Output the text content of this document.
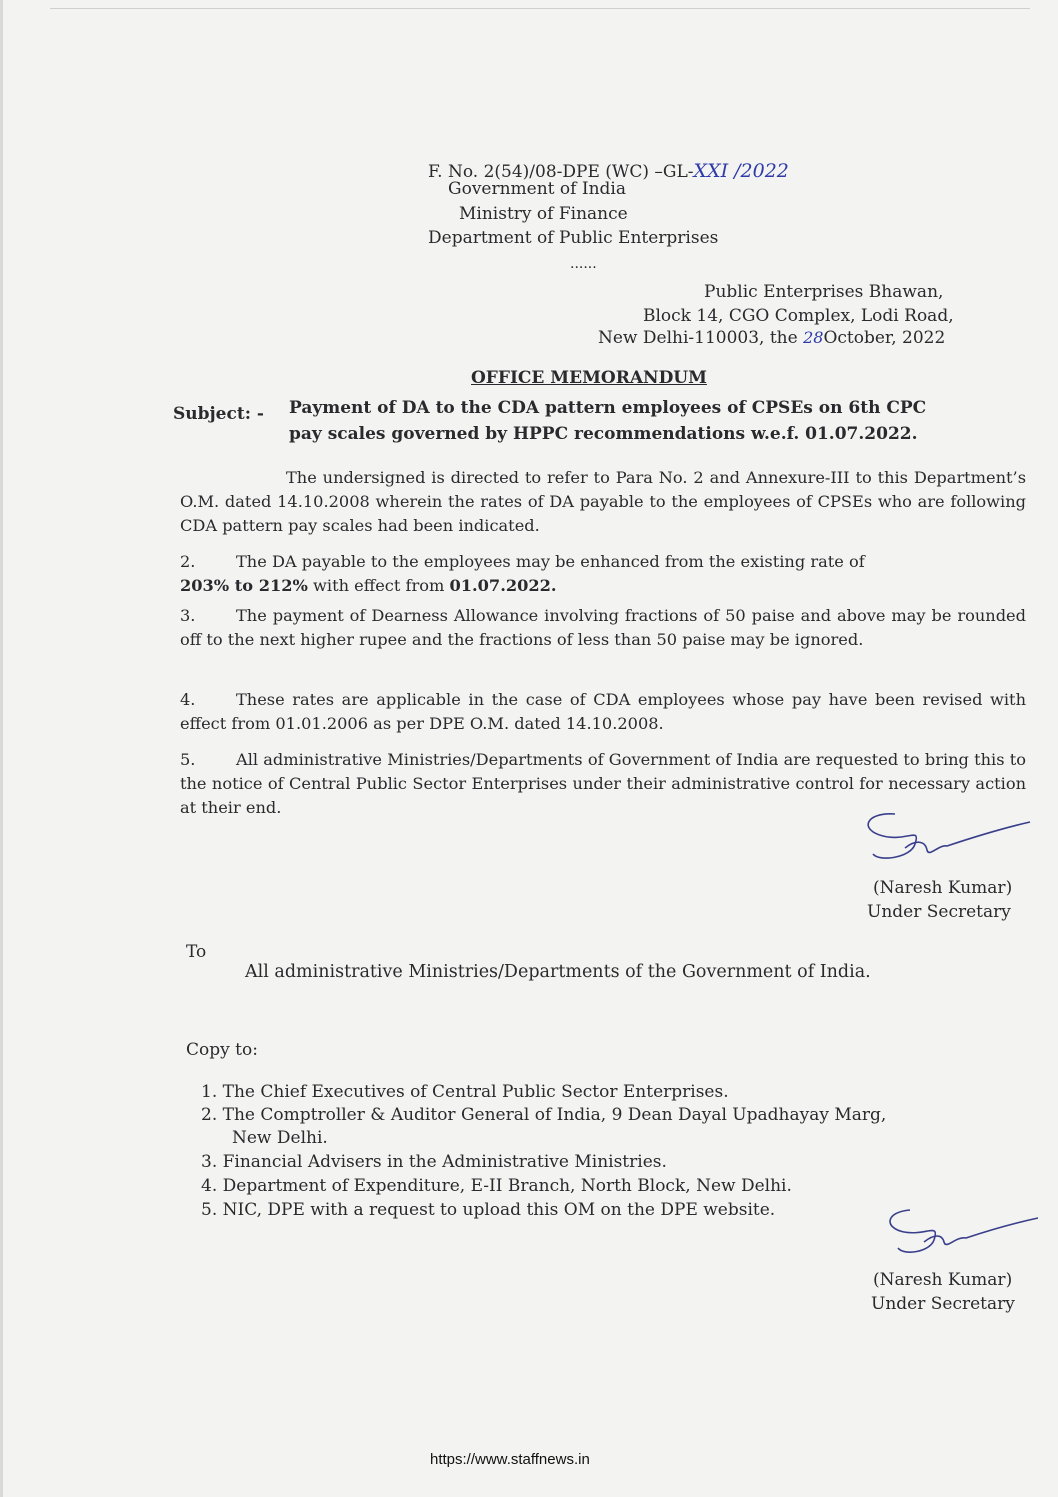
F. No. 2(54)/08-DPE (WC) –GL-XXI /2022
Government of India
Ministry of Finance
Department of Public Enterprises
......
Public Enterprises Bhawan,
Block 14, CGO Complex, Lodi Road,
New Delhi-110003, the 28October, 2022
OFFICE MEMORANDUM
Subject: - Payment of DA to the CDA pattern employees of CPSEs on 6th CPC
pay scales governed by HPPC recommendations w.e.f. 01.07.2022.
The undersigned is directed to refer to Para No. 2 and Annexure-III to this Department’s O.M. dated 14.10.2008 wherein the rates of DA payable to the employees of CPSEs who are following CDA pattern pay scales had been indicated.
2.	The DA payable to the employees may be enhanced from the existing rate of
203% to 212% with effect from 01.07.2022.
3.	The payment of Dearness Allowance involving fractions of 50 paise and above may be rounded off to the next higher rupee and the fractions of less than 50 paise may be ignored.
4.	These rates are applicable in the case of CDA employees whose pay have been revised with effect from 01.01.2006 as per DPE O.M. dated 14.10.2008.
5.	All administrative Ministries/Departments of Government of India are requested to bring this to the notice of Central Public Sector Enterprises under their administrative control for necessary action at their end.
(Naresh Kumar)
Under Secretary
To
All administrative Ministries/Departments of the Government of India.
Copy to:
1. The Chief Executives of Central Public Sector Enterprises.
2. The Comptroller & Auditor General of India, 9 Dean Dayal Upadhayay Marg,
New Delhi.
3. Financial Advisers in the Administrative Ministries.
4. Department of Expenditure, E-II Branch, North Block, New Delhi.
5. NIC, DPE with a request to upload this OM on the DPE website.
(Naresh Kumar)
Under Secretary
https://www.staffnews.in
